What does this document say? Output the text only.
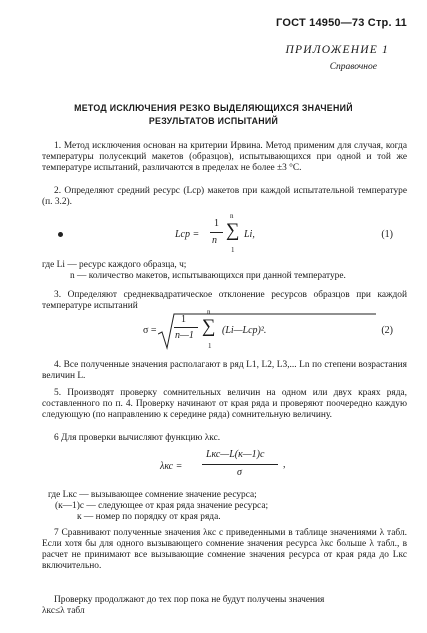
ГОСТ 14950—73 Стр. 11
ПРИЛОЖЕНИЕ 1
Справочное
МЕТОД ИСКЛЮЧЕНИЯ РЕЗКО ВЫДЕЛЯЮЩИХСЯ ЗНАЧЕНИЙ
РЕЗУЛЬТАТОВ ИСПЫТАНИЙ
1. Метод исключения основан на критерии Ирвина. Метод применим для случая, когда температуры полусекций макетов (образцов), испытывающихся при одной и той же температуре испытаний, различаются в пределах не более ±3 °С.
2. Определяют средний ресурс (Lср) макетов при каждой испытательной температуре (п. 3.2).
Lср =
1
n
n
∑
1
Li,	(1)
где Li — ресурс каждого образца, ч;
n — количество макетов, испытывающихся при данной температуре.
3. Определяют среднеквадратическое отклонение ресурсов образцов при каждой температуре испытаний
σ =
1
n—1
n
∑
1
(Li—Lср)².	(2)
4. Все полученные значения располагают в ряд L1, L2, L3,... Ln по степени возрастания величин L.
5. Производят проверку сомнительных величин на одном или двух краях ряда, составленного по п. 4. Проверку начинают от края ряда и проверяют поочередно каждую следующую (по направлению к середине ряда) сомнительную величину.
6 Для проверки вычисляют функцию λкс.
λкс =
Lкс—L(к—1)с
σ
,
где Lкс — вызывающее сомнение значение ресурса;
(к—1)с — следующее от края ряда значение ресурса;
к — номер по порядку от края ряда.
7 Сравнивают полученные значения λкс с приведенными в таблице значениями λ табл. Если хотя бы для одного вызывающего сомнение значения ресурса λкс больше λ табл., в расчет не принимают все вызывающие сомнение значения ресурса от края ряда до Lкс включительно.
Проверку продолжают до тех пор пока не будут получены значения
λкс≤λ табл
